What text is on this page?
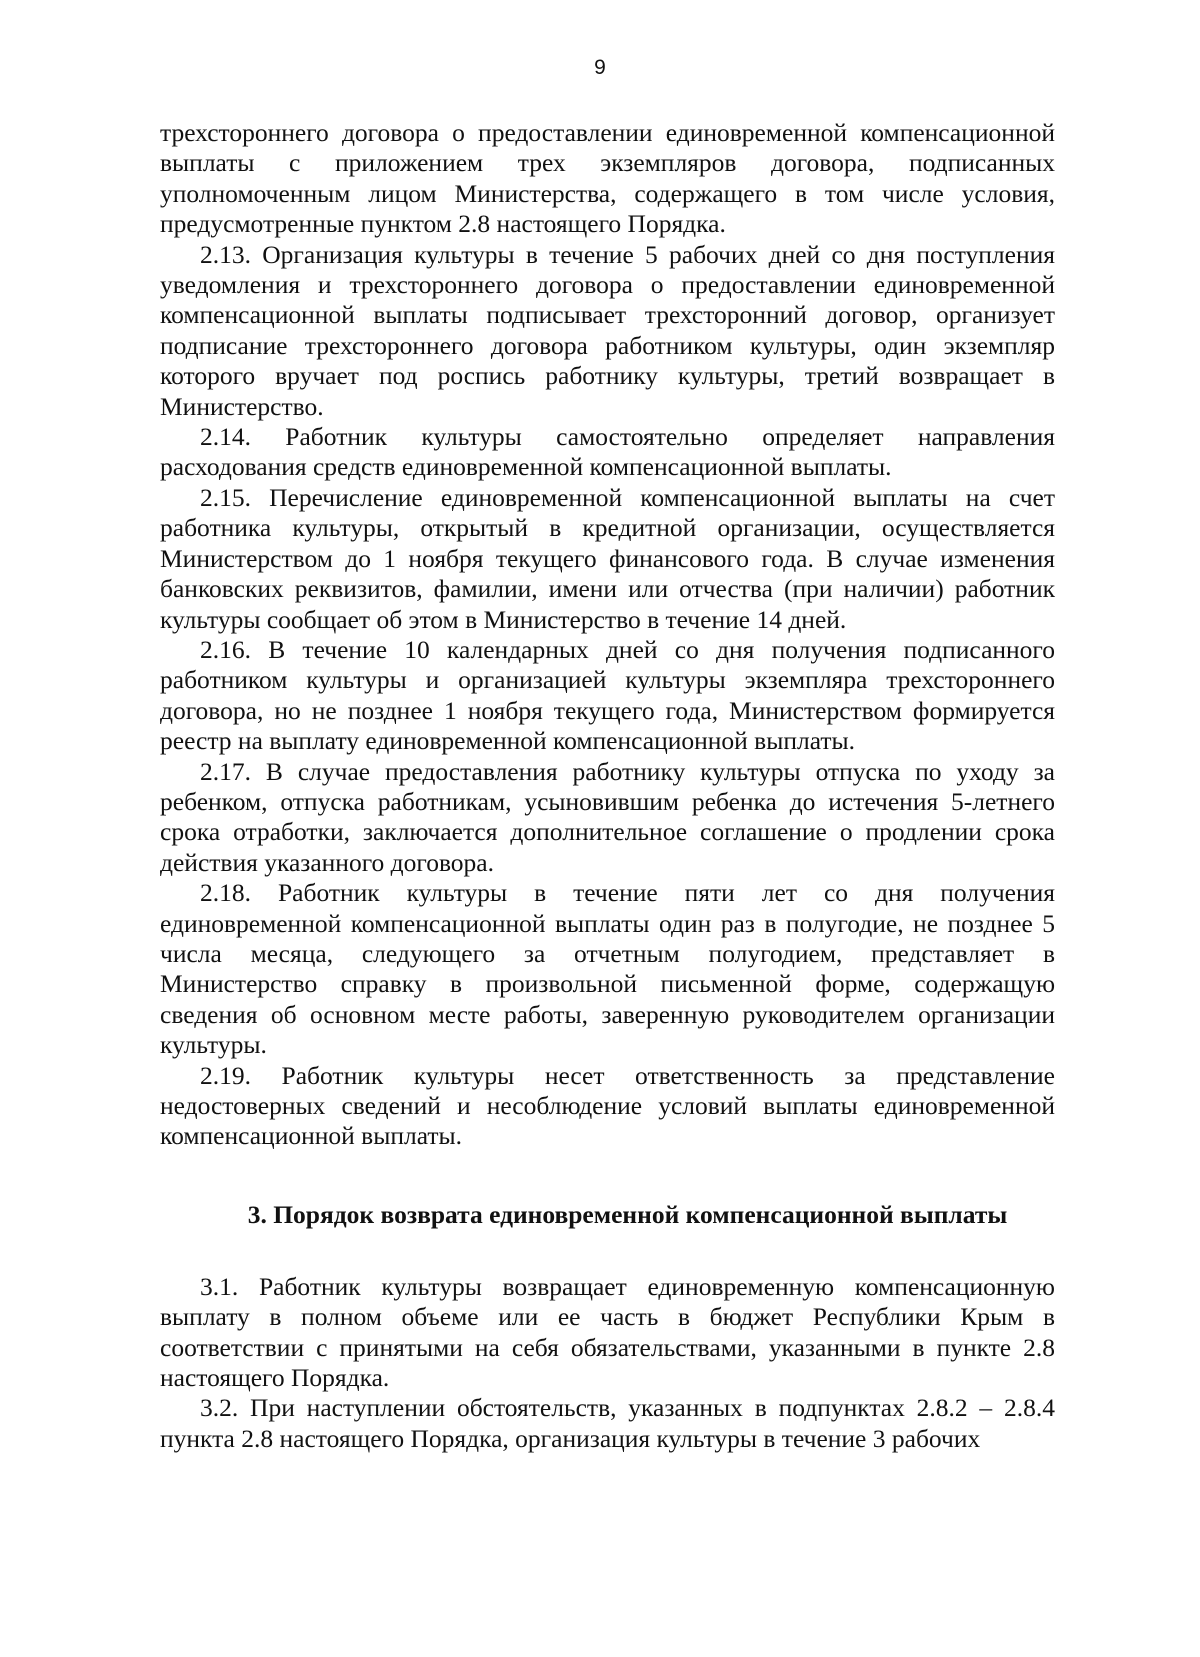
9

трехстороннего договора о предоставлении единовременной компенсационной выплаты с приложением трех экземпляров договора, подписанных уполномоченным лицом Министерства, содержащего в том числе условия, предусмотренные пунктом 2.8 настоящего Порядка.

2.13. Организация культуры в течение 5 рабочих дней со дня поступления уведомления и трехстороннего договора о предоставлении единовременной компенсационной выплаты подписывает трехсторонний договор, организует подписание трехстороннего договора работником культуры, один экземпляр которого вручает под роспись работнику культуры, третий возвращает в Министерство.

2.14. Работник культуры самостоятельно определяет направления расходования средств единовременной компенсационной выплаты.

2.15. Перечисление единовременной компенсационной выплаты на счет работника культуры, открытый в кредитной организации, осуществляется Министерством до 1 ноября текущего финансового года. В случае изменения банковских реквизитов, фамилии, имени или отчества (при наличии) работник культуры сообщает об этом в Министерство в течение 14 дней.

2.16. В течение 10 календарных дней со дня получения подписанного работником культуры и организацией культуры экземпляра трехстороннего договора, но не позднее 1 ноября текущего года, Министерством формируется реестр на выплату единовременной компенсационной выплаты.

2.17. В случае предоставления работнику культуры отпуска по уходу за ребенком, отпуска работникам, усыновившим ребенка до истечения 5-летнего срока отработки, заключается дополнительное соглашение о продлении срока действия указанного договора.

2.18. Работник культуры в течение пяти лет со дня получения единовременной компенсационной выплаты один раз в полугодие, не позднее 5 числа месяца, следующего за отчетным полугодием, представляет в Министерство справку в произвольной письменной форме, содержащую сведения об основном месте работы, заверенную руководителем организации культуры.

2.19. Работник культуры несет ответственность за представление недостоверных сведений и несоблюдение условий выплаты единовременной компенсационной выплаты.

3. Порядок возврата единовременной компенсационной выплаты

3.1. Работник культуры возвращает единовременную компенсационную выплату в полном объеме или ее часть в бюджет Республики Крым в соответствии с принятыми на себя обязательствами, указанными в пункте 2.8 настоящего Порядка.

3.2. При наступлении обстоятельств, указанных в подпунктах 2.8.2 – 2.8.4 пункта 2.8 настоящего Порядка, организация культуры в течение 3 рабочих
